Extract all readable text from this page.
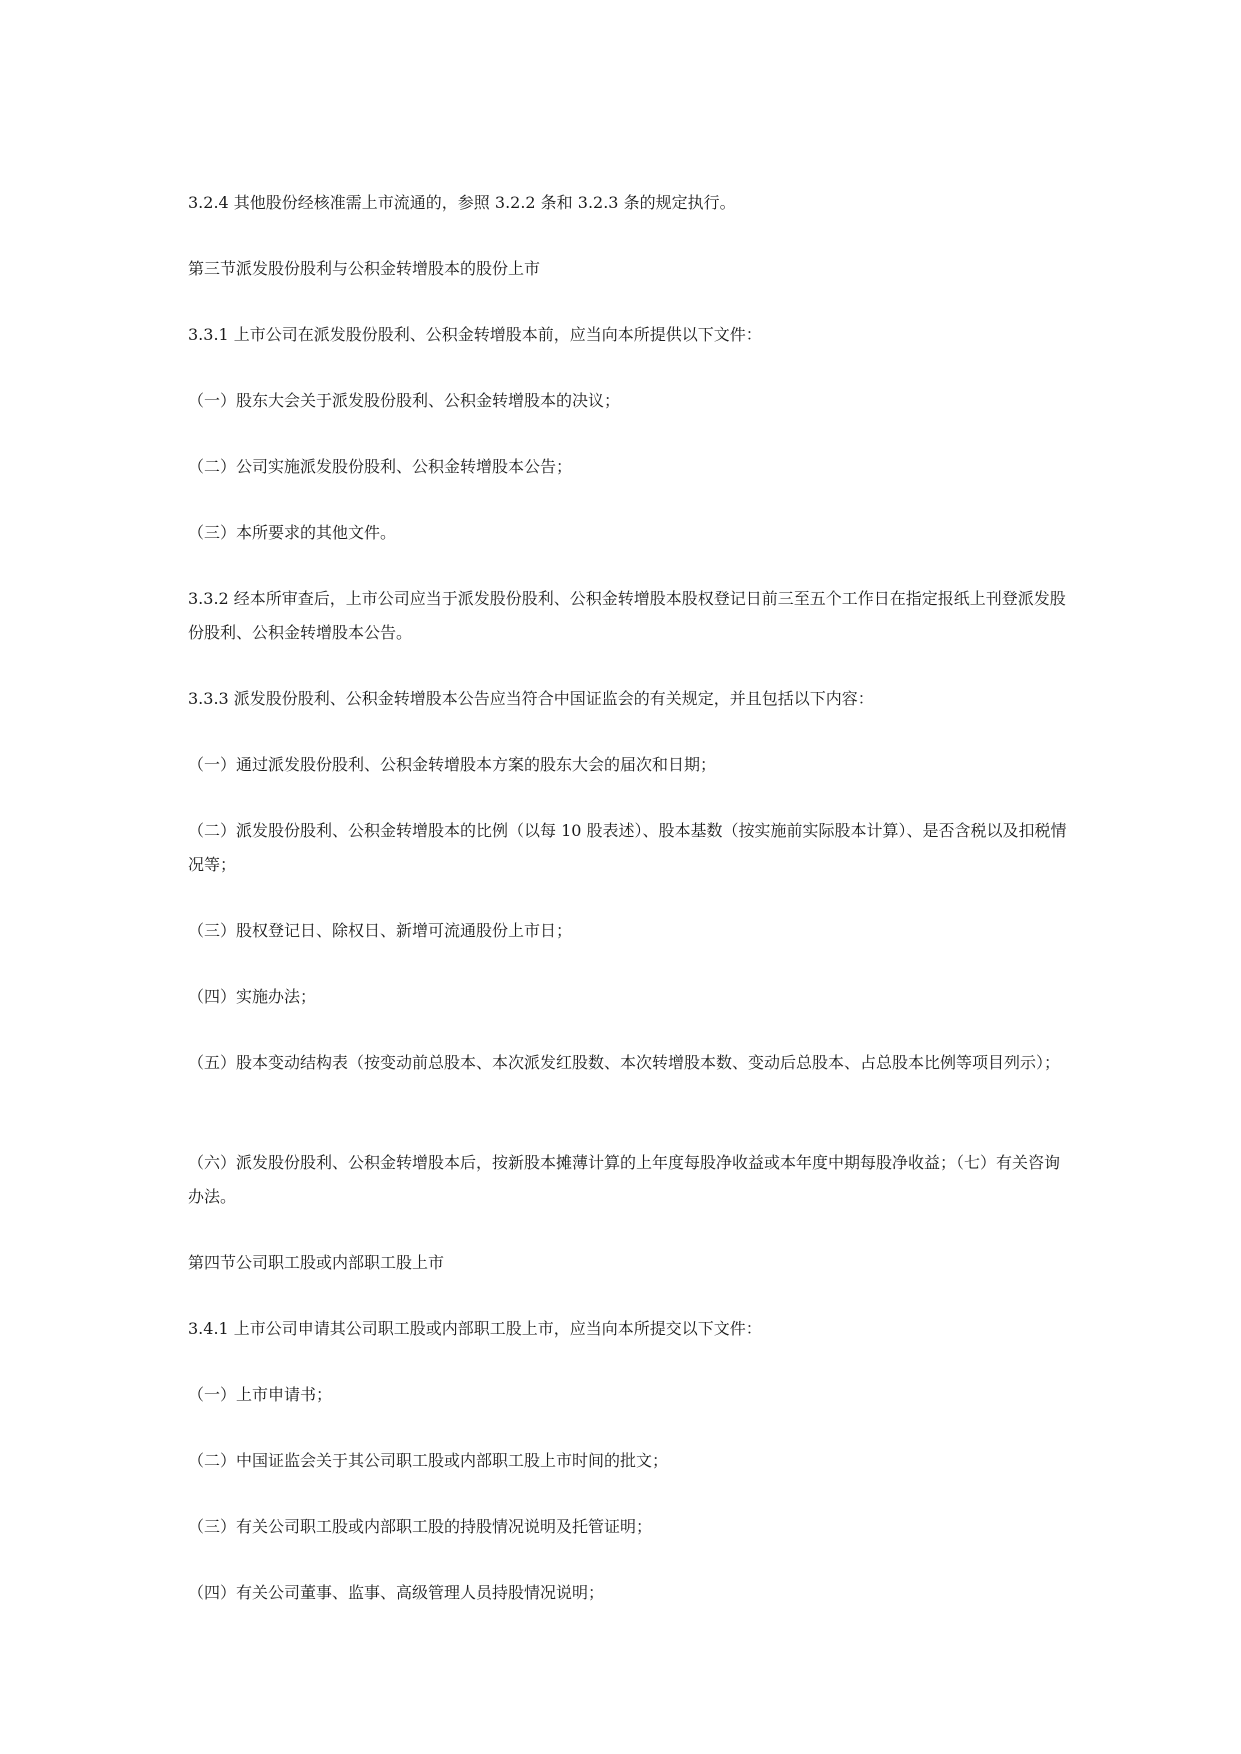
3.2.4 其他股份经核准需上市流通的，参照 3.2.2 条和 3.2.3 条的规定执行。

第三节派发股份股利与公积金转增股本的股份上市

3.3.1 上市公司在派发股份股利、公积金转增股本前，应当向本所提供以下文件：

（一）股东大会关于派发股份股利、公积金转增股本的决议；

（二）公司实施派发股份股利、公积金转增股本公告；

（三）本所要求的其他文件。

3.3.2 经本所审查后，上市公司应当于派发股份股利、公积金转增股本股权登记日前三至五个工作日在指定报纸上刊登派发股份股利、公积金转增股本公告。

3.3.3 派发股份股利、公积金转增股本公告应当符合中国证监会的有关规定，并且包括以下内容：

（一）通过派发股份股利、公积金转增股本方案的股东大会的届次和日期；

（二）派发股份股利、公积金转增股本的比例（以每 10 股表述）、股本基数（按实施前实际股本计算）、是否含税以及扣税情况等；

（三）股权登记日、除权日、新增可流通股份上市日；

（四）实施办法；

（五）股本变动结构表（按变动前总股本、本次派发红股数、本次转增股本数、变动后总股本、占总股本比例等项目列示）；

（六）派发股份股利、公积金转增股本后，按新股本摊薄计算的上年度每股净收益或本年度中期每股净收益；（七）有关咨询办法。

第四节公司职工股或内部职工股上市

3.4.1 上市公司申请其公司职工股或内部职工股上市，应当向本所提交以下文件：

（一）上市申请书；

（二）中国证监会关于其公司职工股或内部职工股上市时间的批文；

（三）有关公司职工股或内部职工股的持股情况说明及托管证明；

（四）有关公司董事、监事、高级管理人员持股情况说明；
